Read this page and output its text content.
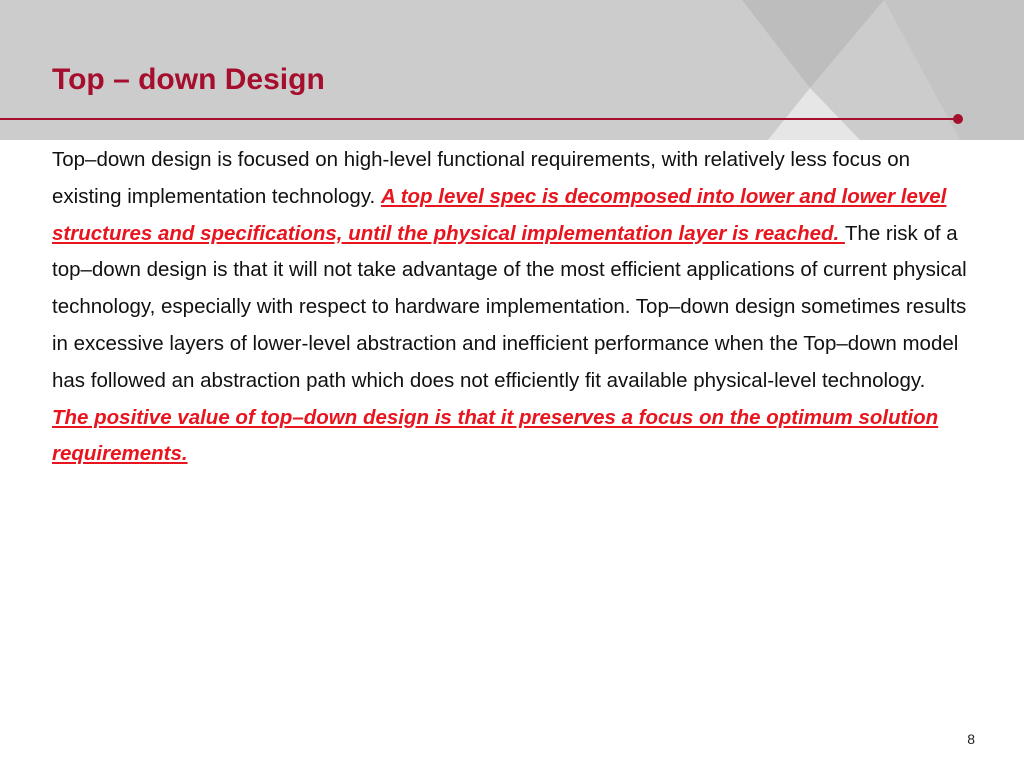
Top – down Design

Top–down design is focused on high-level functional requirements, with relatively less focus on existing implementation technology. A top level spec is decomposed into lower and lower level structures and specifications, until the physical implementation layer is reached. The risk of a top–down design is that it will not take advantage of the most efficient applications of current physical technology, especially with respect to hardware implementation. Top–down design sometimes results in excessive layers of lower-level abstraction and inefficient performance when the Top–down model has followed an abstraction path which does not efficiently fit available physical-level technology. The positive value of top–down design is that it preserves a focus on the optimum solution requirements.

8
